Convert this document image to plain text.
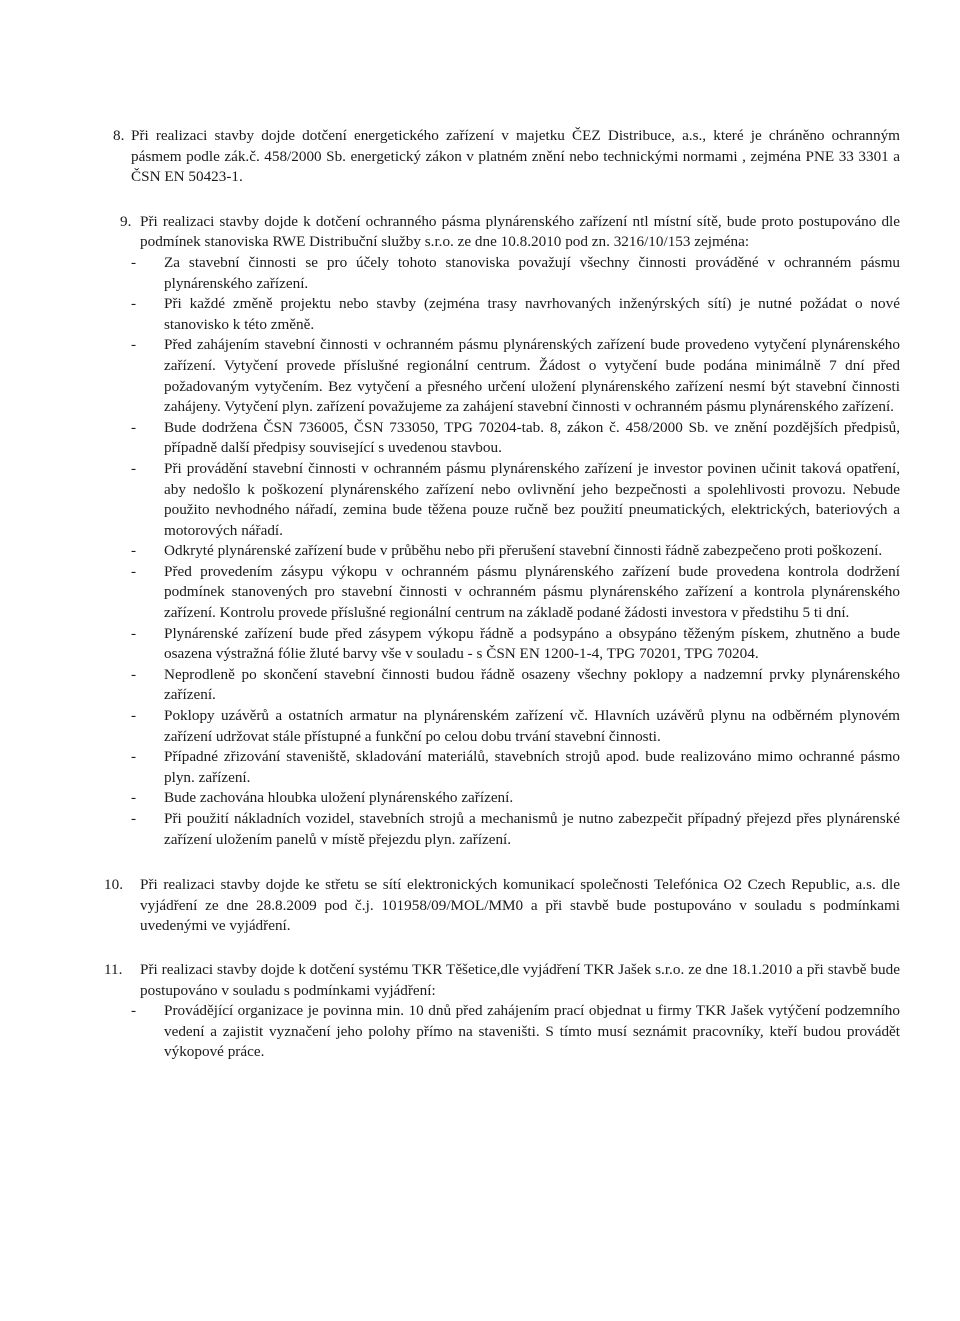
8. Při realizaci stavby dojde dotčení energetického zařízení v majetku ČEZ Distribuce, a.s., které je chráněno ochranným pásmem podle zák.č. 458/2000 Sb. energetický zákon v platném znění nebo technickými normami , zejména PNE 33 3301 a ČSN EN 50423-1.

9. Při realizaci stavby dojde k dotčení ochranného pásma plynárenského zařízení ntl místní sítě, bude proto postupováno dle podmínek stanoviska RWE Distribuční služby s.r.o. ze dne 10.8.2010 pod zn. 3216/10/153 zejména:

- Za stavební činnosti se pro účely tohoto stanoviska považují všechny činnosti prováděné v ochranném pásmu plynárenského zařízení.
- Při každé změně projektu nebo stavby (zejména trasy navrhovaných inženýrských sítí) je nutné požádat o nové stanovisko k této změně.
- Před zahájením stavební činnosti v ochranném pásmu plynárenských zařízení bude provedeno vytyčení plynárenského zařízení. Vytyčení provede příslušné regionální centrum. Žádost o vytyčení bude podána minimálně 7 dní před požadovaným vytyčením. Bez vytyčení a přesného určení uložení plynárenského zařízení nesmí být stavební činnosti zahájeny. Vytyčení plyn. zařízení považujeme za zahájení stavební činnosti v ochranném pásmu plynárenského zařízení.
- Bude dodržena ČSN 736005, ČSN 733050, TPG 70204-tab. 8, zákon č. 458/2000 Sb. ve znění pozdějších předpisů, případně další předpisy související s uvedenou stavbou.
- Při provádění stavební činnosti v ochranném pásmu plynárenského zařízení je investor povinen učinit taková opatření, aby nedošlo k poškození plynárenského zařízení nebo ovlivnění jeho bezpečnosti a spolehlivosti provozu. Nebude použito nevhodného nářadí, zemina bude těžena pouze ručně bez použití pneumatických, elektrických, bateriových a motorových nářadí.
- Odkryté plynárenské zařízení bude v průběhu nebo při přerušení stavební činnosti řádně zabezpečeno proti poškození.
- Před provedením zásypu výkopu v ochranném pásmu plynárenského zařízení bude provedena kontrola dodržení podmínek stanovených pro stavební činnosti v ochranném pásmu plynárenského zařízení a kontrola plynárenského zařízení. Kontrolu provede příslušné regionální centrum na základě podané žádosti investora v předstihu 5 ti dní.
- Plynárenské zařízení bude před zásypem výkopu řádně a podsypáno a obsypáno těženým pískem, zhutněno a bude osazena výstražná fólie žluté barvy vše v souladu - s ČSN EN 1200-1-4, TPG 70201, TPG 70204.
- Neprodleně po skončení stavební činnosti budou řádně osazeny všechny poklopy a nadzemní prvky plynárenského zařízení.
- Poklopy uzávěrů a ostatních armatur na plynárenském zařízení vč. Hlavních uzávěrů plynu na odběrném plynovém zařízení udržovat stále přístupné a funkční po celou dobu trvání stavební činnosti.
- Případné zřizování staveniště, skladování materiálů, stavebních strojů apod. bude realizováno mimo ochranné pásmo plyn. zařízení.
- Bude zachována hloubka uložení plynárenského zařízení.
- Při použití nákladních vozidel, stavebních strojů a mechanismů je nutno zabezpečit případný přejezd přes plynárenské zařízení uložením panelů v místě přejezdu plyn. zařízení.
10. Při realizaci stavby dojde ke střetu se sítí elektronických komunikací společnosti Telefónica O2 Czech Republic, a.s. dle vyjádření ze dne 28.8.2009 pod č.j. 101958/09/MOL/MM0 a při stavbě bude postupováno v souladu s podmínkami uvedenými ve vyjádření.

11. Při realizaci stavby dojde k dotčení systému TKR Těšetice,dle vyjádření TKR Jašek s.r.o. ze dne 18.1.2010 a při stavbě bude postupováno v souladu s podmínkami vyjádření:

- Provádějící organizace je povinna min. 10 dnů před zahájením prací objednat u firmy TKR Jašek vytýčení podzemního vedení a zajistit vyznačení jeho polohy přímo na staveništi. S tímto musí seznámit pracovníky, kteří budou provádět výkopové práce.
